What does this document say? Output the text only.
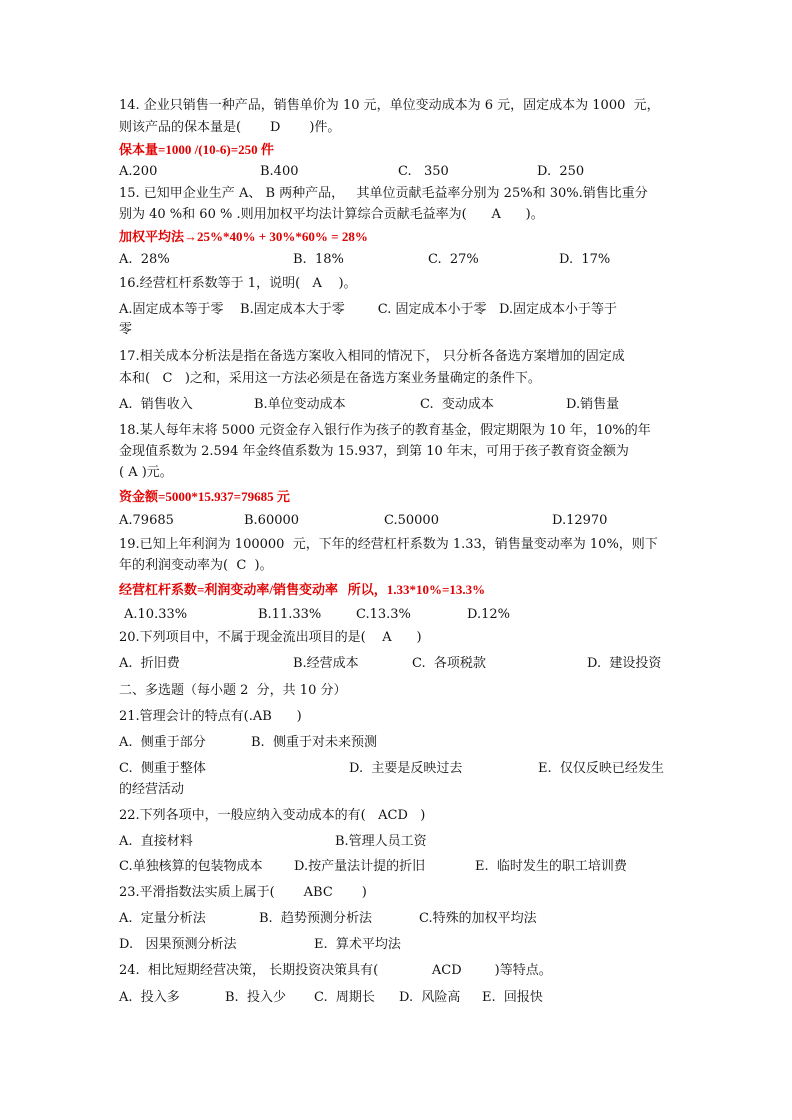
14. 企业只销售一种产品，销售单价为 10 元，单位变动成本为 6 元，固定成本为 1000  元，
则该产品的保本量是(       D       )件。
保本量=1000 /(10-6)=250 件
A.200	B.400	C.   350	D.  250
15. 已知甲企业生产 A、 B 两种产品，   其单位贡献毛益率分别为 25%和 30%.销售比重分
别为 40 %和 60 % .则用加权平均法计算综合贡献毛益率为(      A      )。
加权平均法→25%*40% + 30%*60% = 28%
A.  28%	B.  18%	C.  27%	D.  17%
16.经营杠杆系数等于 1，说明(   A    )。
A.固定成本等于零    B.固定成本大于零        C. 固定成本小于零   D.固定成本小于等于
零
17.相关成本分析法是指在备选方案收入相同的情况下， 只分析各备选方案增加的固定成
本和(   C   )之和，采用这一方法必须是在备选方案业务量确定的条件下。
A.  销售收入	B.单位变动成本	C.  变动成本	D.销售量
18.某人每年末将 5000 元资金存入银行作为孩子的教育基金，假定期限为 10 年，10%的年
金现值系数为 2.594 年金终值系数为 15.937，到第 10 年末，可用于孩子教育资金额为
( A )元。
资金额=5000*15.937=79685 元
A.79685	B.60000	C.50000	D.12970
19.已知上年利润为 100000  元，下年的经营杠杆系数为 1.33，销售量变动率为 10%，则下
年的利润变动率为(  C  )。
经营杠杆系数=利润变动率/销售变动率   所以，1.33*10%=13.3%
A.10.33%	B.11.33%	C.13.3%	D.12%
20.下列项目中，不属于现金流出项目的是(    A      )
A.  折旧费	B.经营成本	C.  各项税款	D.  建设投资
二、多选题（每小题 2  分，共 10 分）
21.管理会计的特点有(.AB      )
A.  侧重于部分	B.  侧重于对未来预测
C.  侧重于整体	D.  主要是反映过去	E.  仅仅反映已经发生
的经营活动
22.下列各项中，一般应纳入变动成本的有(   ACD   )
A.  直接材料	B.管理人员工资
C.单独核算的包装物成本 D.按产量法计提的折旧	E.  临时发生的职工培训费
23.平滑指数法实质上属于(       ABC       )
A.  定量分析法	B.  趋势预测分析法	C.特殊的加权平均法
D.   因果预测分析法	E.  算术平均法
24.  相比短期经营决策， 长期投资决策具有(             ACD        )等特点。
A.  投入多	B.  投入少 C.  周期长 D.  风险高 E.  回报快
